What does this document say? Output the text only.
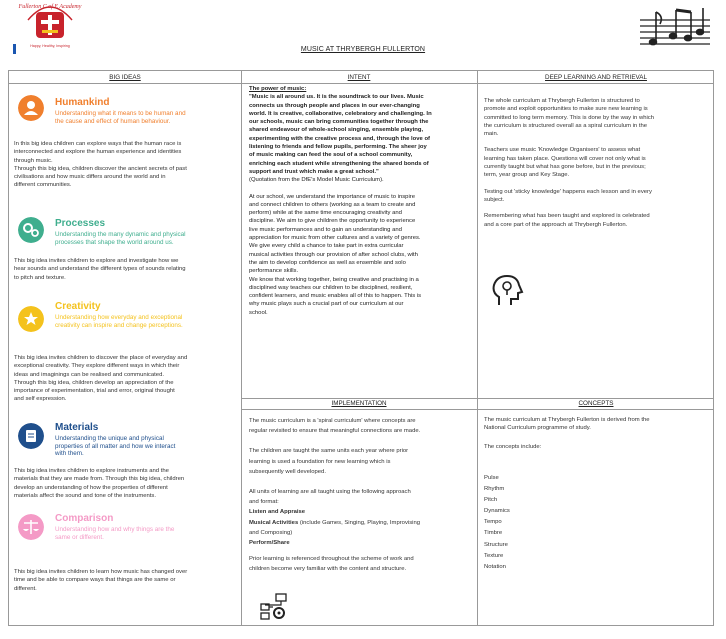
Fullerton C of E Academy
Happy, Healthy, Inspiring	MUSIC AT THRYBERGH FULLERTON
BIG IDEAS	INTENT	DEEP LEARNING AND RETRIEVAL
IMPLEMENTATION	CONCEPTS
Humankind
Understanding what it means to be human and
the cause and effect of human behaviour.
In this big idea children can explore ways that the human race is
interconnected and explore the human experience and identities
through music.
Through this big idea, children discover the ancient secrets of past
civilisations and how music differs around the world and in
different communities.
Processes
Understanding the many dynamic and physical
processes that shape the world around us.
This big idea invites children to explore and investigate how we
hear sounds and understand the different types of sounds relating
to pitch and texture.
Creativity
Understanding how everyday and exceptional
creativity can inspire and change perceptions.
This big idea invites children to discover the place of everyday and
exceptional creativity. They explore different ways in which their
ideas and imaginings can be realised and communicated.
Through this big idea, children develop an appreciation of the
importance of experimentation, trial and error, original thought
and self expression.
Materials
Understanding the unique and physical
properties of all matter and how we interact
with them.
This big idea invites children to explore instruments and the
materials that they are made from. Through this big idea, children
develop an understanding of how the properties of different
materials affect the sound and tone of the instruments.
Comparison
Understanding how and why things are the
same or different.
This big idea invites children to learn how music has changed over
time and be able to compare ways that things are the same or
different.
The power of music:
"Music is all around us. It is the soundtrack to our lives. Music
connects us through people and places in our ever-changing
world. It is creative, collaborative, celebratory and challenging. In
our schools, music can bring communities together through the
shared endeavour of whole-school singing, ensemble playing,
experimenting with the creative process and, through the love of
listening to friends and fellow pupils, performing. The sheer joy
of music making can feed the soul of a school community,
enriching each student while strengthening the shared bonds of
support and trust which make a great school."
(Quotation from the DfE's Model Music Curriculum).
At our school, we understand the importance of music to inspire
and connect children to others (working as a team to create and
perform) while at the same time encouraging creativity and
discipline. We aim to give children the opportunity to experience
live music performances and to gain an understanding and
appreciation for music from other cultures and a variety of genres.
We give every child a chance to take part in extra curricular
musical activities through our provision of after school clubs, with
the aim to develop confidence as well as ensemble and solo
performance skills.
We know that working together, being creative and practising in a
disciplined way teaches our children to be disciplined, resilient,
confident learners, and music enables all of this to happen. This is
why music plays such a crucial part of our curriculum at our
school.

The whole curriculum at Thrybergh Fullerton is structured to
promote and exploit opportunities to make sure new learning is
committed to long term memory. This is done by the way in which
the curriculum is structured overall as a spiral curriculum in the
main.

Teachers use music 'Knowledge Organisers' to assess what
learning has taken place. Questions will cover not only what is
currently taught but what has gone before, but in the previous;
term, year group and Key Stage.

Testing out 'sticky knowledge' happens each lesson and in every
subject.

Remembering what has been taught and explored is celebrated
and a core part of the approach at Thrybergh Fullerton.

The music curriculum is a 'spiral curriculum' where concepts are
regular revisited to ensure that meaningful connections are made.
The children are taught the same units each year where prior
learning is used a foundation for new learning which is
subsequently well developed.
All units of learning are all taught using the following approach
and format:
Listen and Appraise
Musical Activities (include Games, Singing, Playing, Improvising
and Composing)
Perform/Share
Prior learning is referenced throughout the scheme of work and
children become very familiar with the content and structure.
The music curriculum at Thrybergh Fullerton is derived from the
National Curriculum programme of study.
The concepts include:
Pulse
Rhythm
Pitch
Dynamics
Tempo
Timbre
Structure
Texture
Notation
